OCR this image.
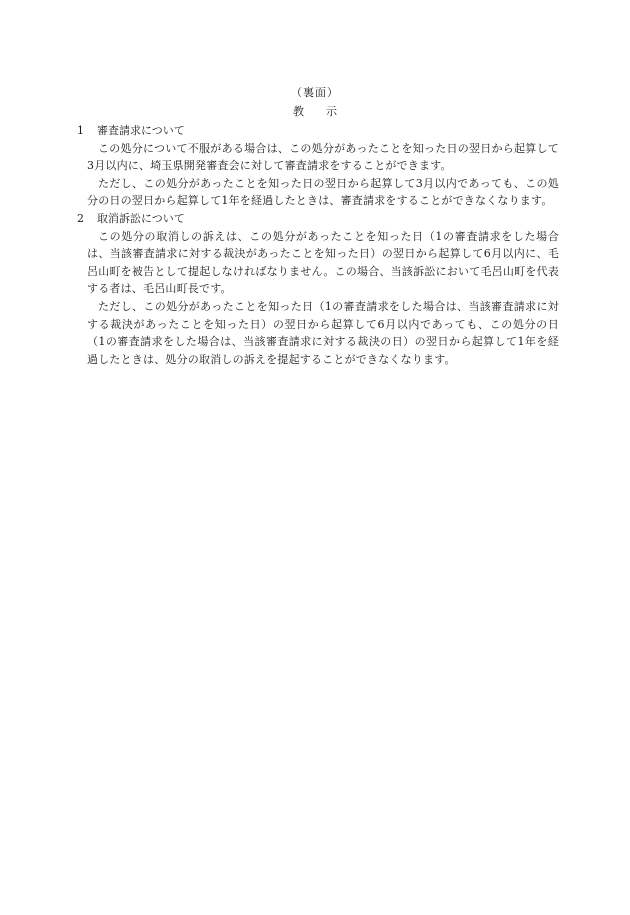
（裏面）
教　　示

1 審査請求について

この処分について不服がある場合は、この処分があったことを知った日の翌日から起算して3月以内に、埼玉県開発審査会に対して審査請求をすることができます。

ただし、この処分があったことを知った日の翌日から起算して3月以内であっても、この処分の日の翌日から起算して1年を経過したときは、審査請求をすることができなくなります。

2 取消訴訟について

この処分の取消しの訴えは、この処分があったことを知った日（1の審査請求をした場合は、当該審査請求に対する裁決があったことを知った日）の翌日から起算して6月以内に、毛呂山町を被告として提起しなければなりません。この場合、当該訴訟において毛呂山町を代表する者は、毛呂山町長です。

ただし、この処分があったことを知った日（1の審査請求をした場合は、当該審査請求に対する裁決があったことを知った日）の翌日から起算して6月以内であっても、この処分の日（1の審査請求をした場合は、当該審査請求に対する裁決の日）の翌日から起算して1年を経過したときは、処分の取消しの訴えを提起することができなくなります。
